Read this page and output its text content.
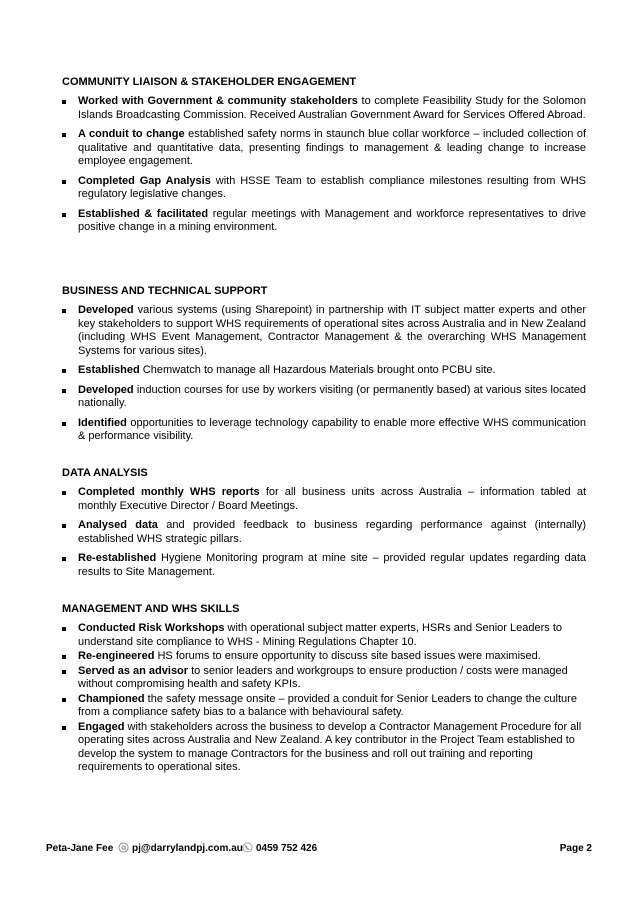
COMMUNITY LIAISON & STAKEHOLDER ENGAGEMENT
Worked with Government & community stakeholders to complete Feasibility Study for the Solomon Islands Broadcasting Commission. Received Australian Government Award for Services Offered Abroad.
A conduit to change established safety norms in staunch blue collar workforce – included collection of qualitative and quantitative data, presenting findings to management & leading change to increase employee engagement.
Completed Gap Analysis with HSSE Team to establish compliance milestones resulting from WHS regulatory legislative changes.
Established & facilitated regular meetings with Management and workforce representatives to drive positive change in a mining environment.
BUSINESS AND TECHNICAL SUPPORT
Developed various systems (using Sharepoint) in partnership with IT subject matter experts and other key stakeholders to support WHS requirements of operational sites across Australia and in New Zealand (including WHS Event Management, Contractor Management & the overarching WHS Management Systems for various sites).
Established Chemwatch to manage all Hazardous Materials brought onto PCBU site.
Developed induction courses for use by workers visiting (or permanently based) at various sites located nationally.
Identified opportunities to leverage technology capability to enable more effective WHS communication & performance visibility.
DATA ANALYSIS
Completed monthly WHS reports for all business units across Australia – information tabled at monthly Executive Director / Board Meetings.
Analysed data and provided feedback to business regarding performance against (internally) established WHS strategic pillars.
Re-established Hygiene Monitoring program at mine site – provided regular updates regarding data results to Site Management.
MANAGEMENT AND WHS SKILLS
Conducted Risk Workshops with operational subject matter experts, HSRs and Senior Leaders to understand site compliance to WHS - Mining Regulations Chapter 10.
Re-engineered HS forums to ensure opportunity to discuss site based issues were maximised.
Served as an advisor to senior leaders and workgroups to ensure production / costs were managed without compromising health and safety KPIs.
Championed the safety message onsite – provided a conduit for Senior Leaders to change the culture from a compliance safety bias to a balance with behavioural safety.
Engaged with stakeholders across the business to develop a Contractor Management Procedure for all operating sites across Australia and New Zealand. A key contributor in the Project Team established to develop the system to manage Contractors for the business and roll out training and reporting requirements to operational sites.
Peta-Jane Fee	pj@darrylandpj.com.au	0459 752 426	Page 2
